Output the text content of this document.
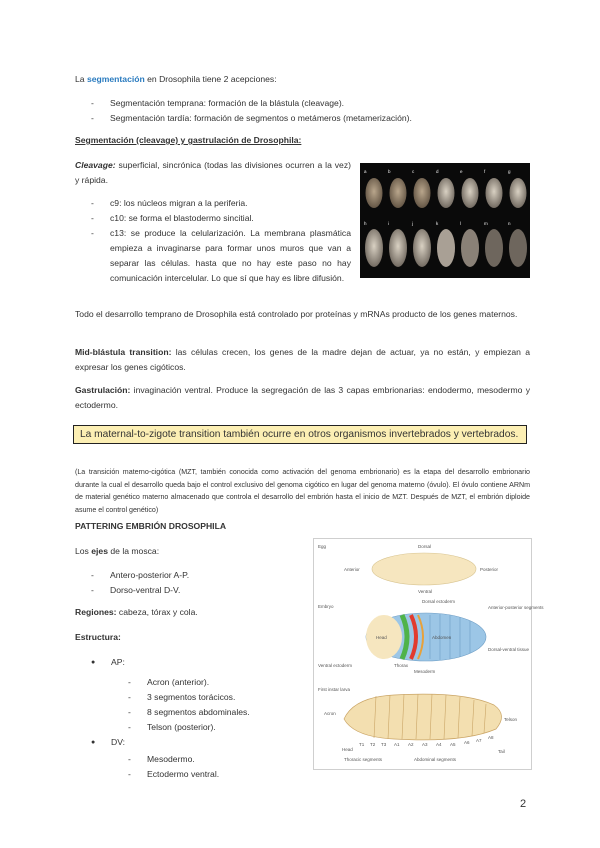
La segmentación en Drosophila tiene 2 acepciones:

- Segmentación temprana: formación de la blástula (cleavage).
- Segmentación tardía: formación de segmentos o metámeros (metamerización).

Segmentación (cleavage) y gastrulación de Drosophila:

Cleavage: superficial, sincrónica (todas las divisiones ocurren a la vez) y rápida.

- c9: los núcleos migran a la periferia.
- c10: se forma el blastodermo sincitial.
- c13: se produce la celularización. La membrana plasmática empieza a invaginarse para formar unos muros que van a separar las células. hasta que no hay este paso no hay comunicación intercelular. Lo que sí que hay es libre difusión.
a	b	c	d	e	f	g
h	i	j	k	l	m	n

Todo el desarrollo temprano de Drosophila está controlado por proteínas y mRNAs producto de los genes maternos.

Mid-blástula transition: las células crecen, los genes de la madre dejan de actuar, ya no están, y empiezan a expresar los genes cigóticos.

Gastrulación: invaginación ventral. Produce la segregación de las 3 capas embrionarias: endodermo, mesodermo y ectodermo.

La maternal-to-zigote transition también ocurre en otros organismos invertebrados y vertebrados.

(La transición materno-cigótica (MZT, también conocida como activación del genoma embrionario) es la etapa del desarrollo embrionario durante la cual el desarrollo queda bajo el control exclusivo del genoma cigótico en lugar del genoma materno (óvulo). El óvulo contiene ARNm de material genético materno almacenado que controla el desarrollo del embrión hasta el inicio de MZT. Después de MZT, el embrión diploide asume el control genético)

PATTERING EMBRIÓN DROSOPHILA

Los ejes de la mosca:

- Antero-posterior A-P.
- Dorso-ventral D-V.

Regiones: cabeza, tórax y cola.

Estructura:

● AP:
- Acron (anterior).
- 3 segmentos torácicos.
- 8 segmentos abdominales.
- Telson (posterior).
● DV:
- Mesodermo.
- Ectodermo ventral.
Egg	Dorsal
Anterior	Posterior
Ventral
Embryo
Head	Abdomen
Mesoderm
Thorax
Dorsal ectoderm
Ventral ectoderm
Anterior-posterior segments
Dorsal-ventral tissue
First instar larva
Acron
Telson
Head
T1 T2 T3 A1 A2 A3 A4 A5 A6 A7
A8
Thoracic segments	Abdominal segments
Tail
2
